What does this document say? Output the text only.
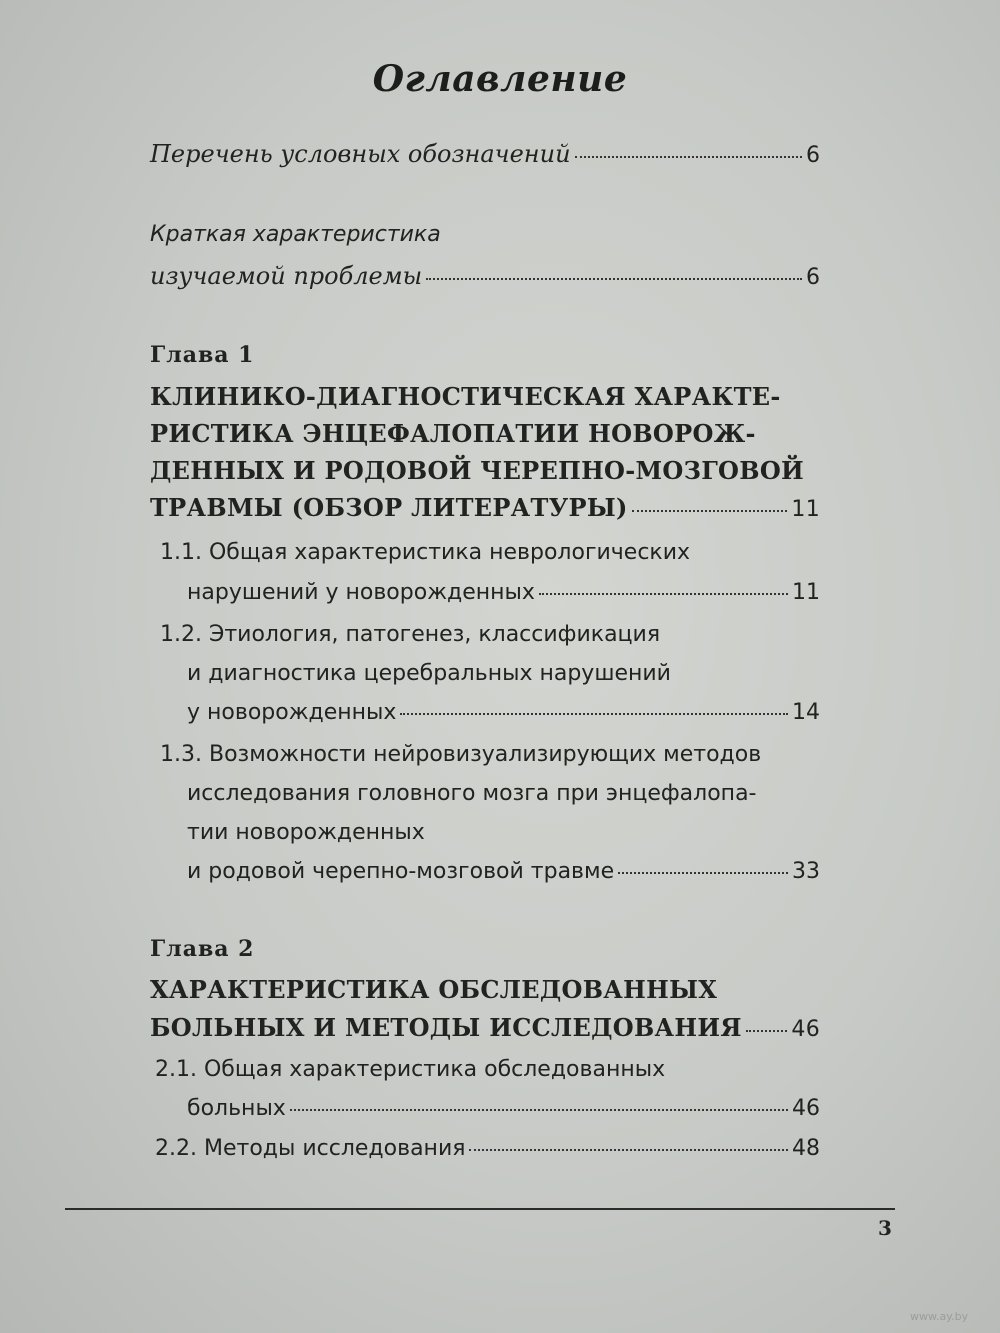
Оглавление
Перечень условных обозначений	6
Краткая характеристика
изучаемой проблемы	6
Глава 1
КЛИНИКО-ДИАГНОСТИЧЕСКАЯ ХАРАКТЕ-
РИСТИКА ЭНЦЕФАЛОПАТИИ НОВОРОЖ-
ДЕННЫХ И РОДОВОЙ ЧЕРЕПНО-МОЗГОВОЙ
ТРАВМЫ (ОБЗОР ЛИТЕРАТУРЫ)	11
1.1. Общая характеристика неврологических
нарушений у новорожденных	11
1.2. Этиология, патогенез, классификация
и диагностика церебральных нарушений
у новорожденных	14
1.3. Возможности нейровизуализирующих методов
исследования головного мозга при энцефалопа-
тии новорожденных
и родовой черепно-мозговой травме	33
Глава 2
ХАРАКТЕРИСТИКА ОБСЛЕДОВАННЫХ
БОЛЬНЫХ И МЕТОДЫ ИССЛЕДОВАНИЯ 46
2.1. Общая характеристика обследованных
больных	46
2.2. Методы исследования	48
3
www.ay.by
